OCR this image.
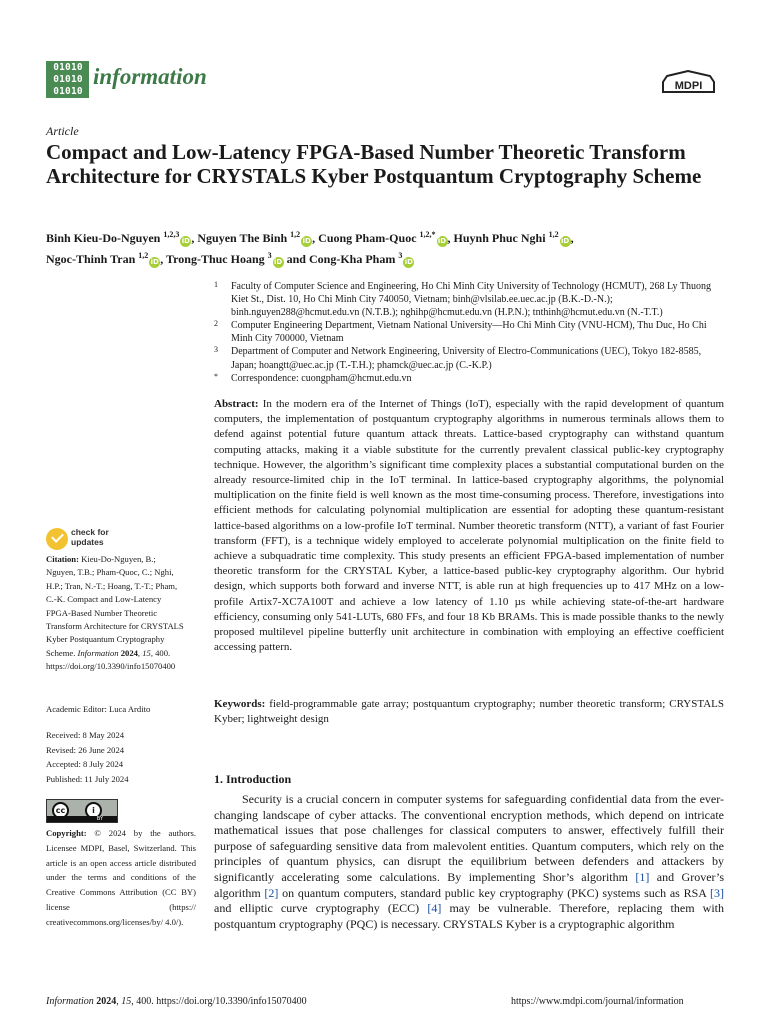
01010
01010
01010
information	MDPI
Article
Compact and Low-Latency FPGA-Based Number Theoretic Transform Architecture for CRYSTALS Kyber Postquantum Cryptography Scheme
Binh Kieu-Do-Nguyen $^{1,2,3}$iD, Nguyen The Binh $^{1,2}$iD, Cuong Pham-Quoc $^{1,2,*}$iD, Huynh Phuc Nghi $^{1,2}$iD,
Ngoc-Thinh Tran $^{1,2}$iD, Trong-Thuc Hoang $^3$iD and Cong-Kha Pham $^3$iD
1 Faculty of Computer Science and Engineering, Ho Chi Minh City University of Technology (HCMUT), 268 Ly Thuong Kiet St., Dist. 10, Ho Chi Minh City 740050, Vietnam; binh@vlsilab.ee.uec.ac.jp (B.K.-D.-N.); binh.nguyen288@hcmut.edu.vn (N.T.B.); nghihp@hcmut.edu.vn (H.P.N.); tnthinh@hcmut.edu.vn (N.-T.T.)
2 Computer Engineering Department, Vietnam National University—Ho Chi Minh City (VNU-HCM), Thu Duc, Ho Chi Minh City 700000, Vietnam
3 Department of Computer and Network Engineering, University of Electro-Communications (UEC), Tokyo 182-8585, Japan; hoangtt@uec.ac.jp (T.-T.H.); phamck@uec.ac.jp (C.-K.P.)
* Correspondence: cuongpham@hcmut.edu.vn
Abstract: In the modern era of the Internet of Things (IoT), especially with the rapid development of quantum computers, the implementation of postquantum cryptography algorithms in numerous terminals allows them to defend against potential future quantum attack threats. Lattice-based cryptography can withstand quantum computing attacks, making it a viable substitute for the currently prevalent classical public-key cryptography technique. However, the algorithm’s significant time complexity places a substantial computational burden on the already resource-limited chip in the IoT terminal. In lattice-based cryptography algorithms, the polynomial multiplication on the finite field is well known as the most time-consuming process. Therefore, investigations into efficient methods for calculating polynomial multiplication are essential for adopting these quantum-resistant lattice-based algorithms on a low-profile IoT terminal. Number theoretic transform (NTT), a variant of fast Fourier transform (FFT), is a technique widely employed to accelerate polynomial multiplication on the finite field to achieve a subquadratic time complexity. This study presents an efficient FPGA-based implementation of number theoretic transform for the CRYSTAL Kyber, a lattice-based public-key cryptography algorithm. Our hybrid design, which supports both forward and inverse NTT, is able run at high frequencies up to 417 MHz on a low-profile Artix7-XC7A100T and achieve a low latency of 1.10 µs while achieving state-of-the-art hardware efficiency, consuming only 541-LUTs, 680 FFs, and four 18 Kb BRAMs. This is made possible thanks to the newly proposed multilevel pipeline butterfly unit architecture in combination with employing an effective coefficient accessing pattern.
Keywords: field-programmable gate array; postquantum cryptography; number theoretic transform; CRYSTALS Kyber; lightweight design
check for
updates
Citation: Kieu-Do-Nguyen, B.; Nguyen, T.B.; Pham-Quoc, C.; Nghi, H.P.; Tran, N.-T.; Hoang, T.-T.; Pham, C.-K. Compact and Low-Latency FPGA-Based Number Theoretic Transform Architecture for CRYSTALS Kyber Postquantum Cryptography Scheme. Information 2024, 15, 400. https://doi.org/10.3390/info15070400
Academic Editor: Luca Ardito
Received: 8 May 2024
Revised: 26 June 2024
Accepted: 8 July 2024
Published: 11 July 2024
cc	i
BY
Copyright: © 2024 by the authors. Licensee MDPI, Basel, Switzerland. This article is an open access article distributed under the terms and conditions of the Creative Commons Attribution (CC BY) license (https:// creativecommons.org/licenses/by/ 4.0/).
1. Introduction
Security is a crucial concern in computer systems for safeguarding confidential data from the ever-changing landscape of cyber attacks. The conventional encryption methods, which depend on intricate mathematical issues that pose challenges for classical computers to answer, effectively fulfill their purpose of safeguarding sensitive data from malevolent entities. Quantum computers, which rely on the principles of quantum physics, can disrupt the equilibrium between defenders and attackers by significantly accelerating some calculations. By implementing Shor’s algorithm [1] and Grover’s algorithm [2] on quantum computers, standard public key cryptography (PKC) systems such as RSA [3] and elliptic curve cryptography (ECC) [4] may be vulnerable. Therefore, replacing them with postquantum cryptography (PQC) is necessary. CRYSTALS Kyber is a cryptographic algorithm
Information 2024, 15, 400. https://doi.org/10.3390/info15070400	https://www.mdpi.com/journal/information
